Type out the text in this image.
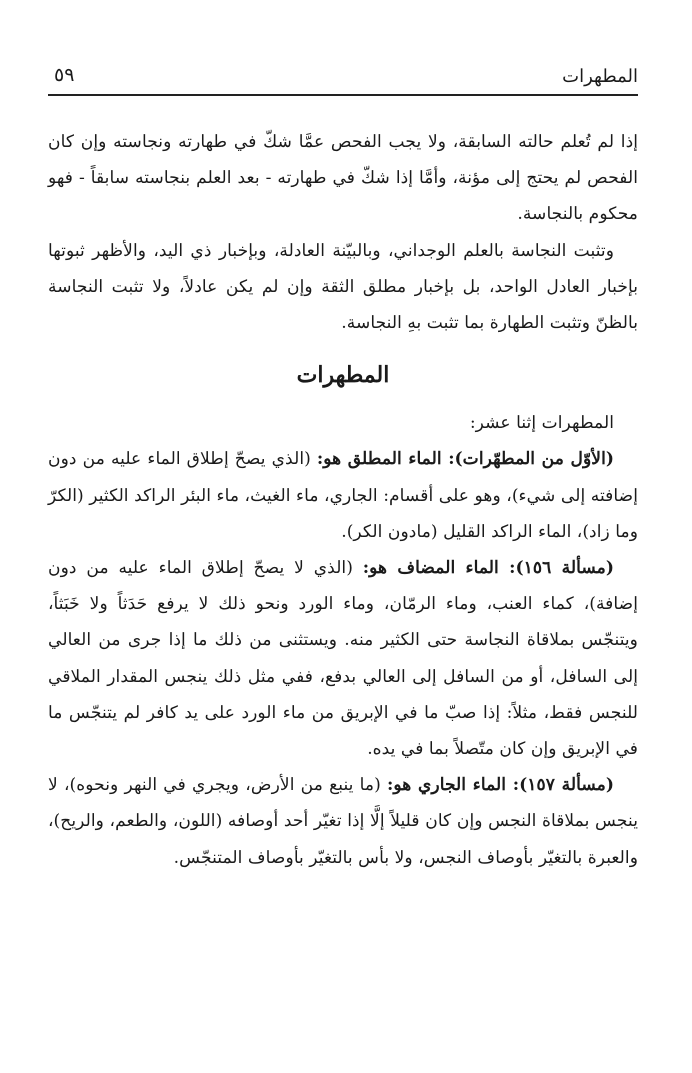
المطهرات
٥٩

إذا لم تُعلم حالته السابقة، ولا يجب الفحص عمَّا شكّ في طهارته ونجاسته وإن كان الفحص لم يحتج إلى مؤنة، وأمَّا إذا شكّ في طهارته - بعد العلم بنجاسته سابقاً - فهو محكوم بالنجاسة.

وتثبت النجاسة بالعلم الوجداني، وبالبيّنة العادلة، وبإخبار ذي اليد، والأظهر ثبوتها بإخبار العادل الواحد، بل بإخبار مطلق الثقة وإن لم يكن عادلاً، ولا تثبت النجاسة بالظنّ وتثبت الطهارة بما تثبت بهِ النجاسة.

المطهرات

المطهرات إثنا عشر:

(الأوّل من المطهّرات): الماء المطلق هو: (الذي يصحّ إطلاق الماء عليه من دون إضافته إلى شيء)، وهو على أقسام: الجاري، ماء الغيث، ماء البئر الراكد الكثير (الكرّ وما زاد)، الماء الراكد القليل (مادون الكر).

(مسألة ١٥٦): الماء المضاف هو: (الذي لا يصحّ إطلاق الماء عليه من دون إضافة)، كماء العنب، وماء الرمّان، وماء الورد ونحو ذلك لا يرفع حَدَثاً ولا خَبَثاً، ويتنجّس بملاقاة النجاسة حتى الكثير منه. ويستثنى من ذلك ما إذا جرى من العالي إلى السافل، أو من السافل إلى العالي بدفع، ففي مثل ذلك ينجس المقدار الملاقي للنجس فقط، مثلاً: إذا صبّ ما في الإبريق من ماء الورد على يد كافر لم يتنجّس ما في الإبريق وإن كان متّصلاً بما في يده.

(مسألة ١٥٧): الماء الجاري هو: (ما ينبع من الأرض، ويجري في النهر ونحوه)، لا ينجس بملاقاة النجس وإن كان قليلاً إلَّا إذا تغيّر أحد أوصافه (اللون، والطعم، والريح)، والعبرة بالتغيّر بأوصاف النجس، ولا بأس بالتغيّر بأوصاف المتنجّس.
